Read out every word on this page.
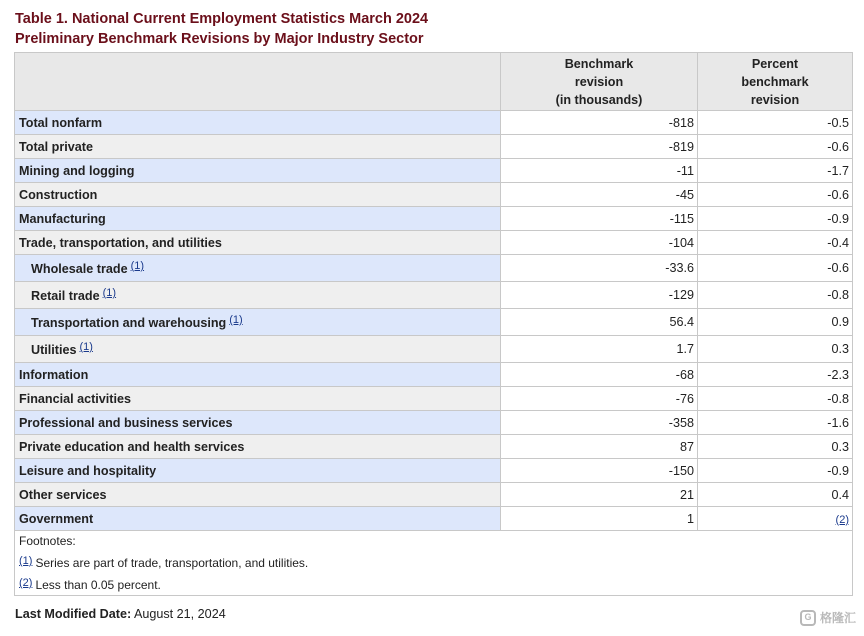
Table 1. National Current Employment Statistics March 2024
Preliminary Benchmark Revisions by Major Industry Sector

	Benchmark
revision
(in thousands)	Percent
benchmark
revision

Total nonfarm	-818	-0.5
Total private	-819	-0.6
Mining and logging	-11	-1.7
Construction	-45	-0.6
Manufacturing	-115	-0.9
Trade, transportation, and utilities	-104	-0.4
Wholesale trade (1)	-33.6	-0.6
Retail trade (1)	-129	-0.8
Transportation and warehousing (1)	56.4	0.9
Utilities (1)	1.7	0.3
Information	-68	-2.3
Financial activities	-76	-0.8
Professional and business services	-358	-1.6
Private education and health services	87	0.3
Leisure and hospitality	-150	-0.9
Other services	21	0.4
Government	1	(2)

Footnotes:
$^{(1)}$ Series are part of trade, transportation, and utilities.
$^{(2)}$ Less than 0.05 percent.		
Last Modified Date: August 21, 2024	G 格隆汇
